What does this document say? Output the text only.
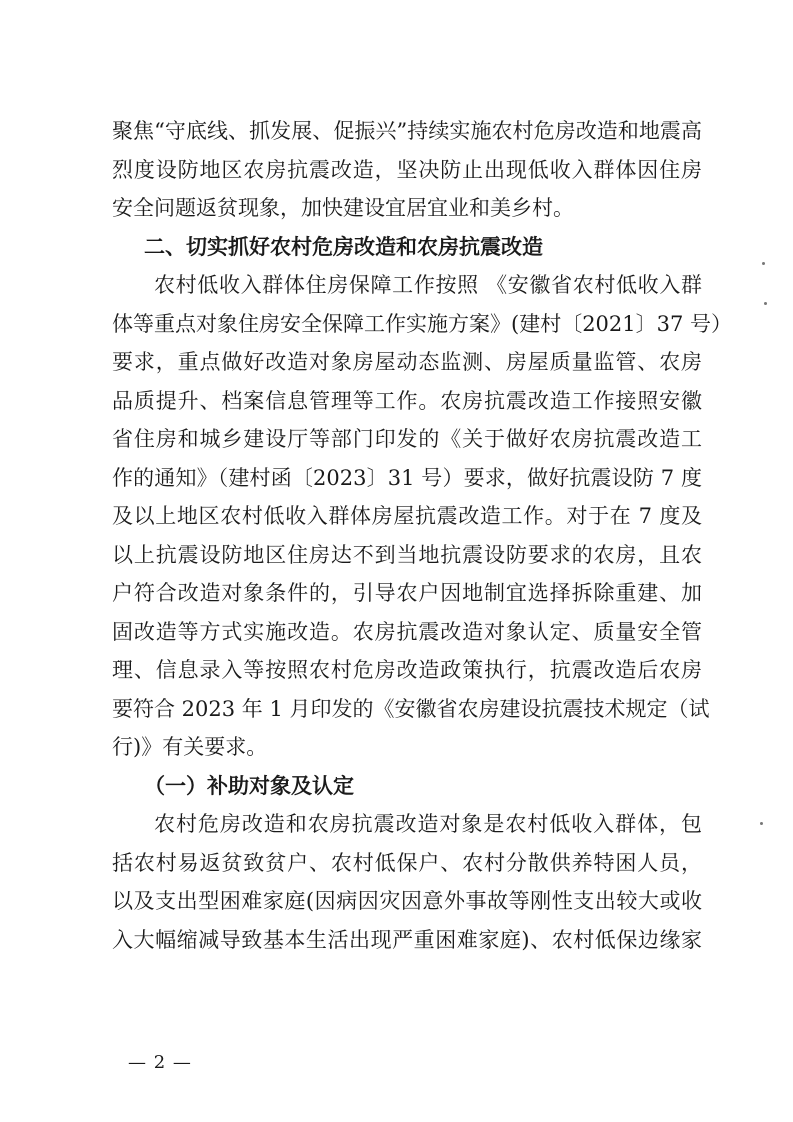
聚焦“守底线、抓发展、促振兴”持续实施农村危房改造和地震高
烈度设防地区农房抗震改造，坚决防止出现低收入群体因住房
安全问题返贫现象，加快建设宜居宜业和美乡村。
二、切实抓好农村危房改造和农房抗震改造
农村低收入群体住房保障工作按照 《安徽省农村低收入群
体等重点对象住房安全保障工作实施方案》(建村〔2021〕37 号）
要求，重点做好改造对象房屋动态监测、房屋质量监管、农房
品质提升、档案信息管理等工作。农房抗震改造工作接照安徽
省住房和城乡建设厅等部门印发的《关于做好农房抗震改造工
作的通知》（建村函〔2023〕31 号）要求，做好抗震设防 7 度
及以上地区农村低收入群体房屋抗震改造工作。对于在 7 度及
以上抗震设防地区住房达不到当地抗震设防要求的农房，且农
户符合改造对象条件的，引导农户因地制宜选择拆除重建、加
固改造等方式实施改造。农房抗震改造对象认定、质量安全管
理、信息录入等按照农村危房改造政策执行，抗震改造后农房
要符合 2023 年 1 月印发的《安徽省农房建设抗震技术规定（试
行)》有关要求。
（一）补助对象及认定
农村危房改造和农房抗震改造对象是农村低收入群体，包
括农村易返贫致贫户、农村低保户、农村分散供养特困人员，
以及支出型困难家庭(因病因灾因意外事故等刚性支出较大或收
入大幅缩减导致基本生活出现严重困难家庭)、农村低保边缘家
— 2 —
